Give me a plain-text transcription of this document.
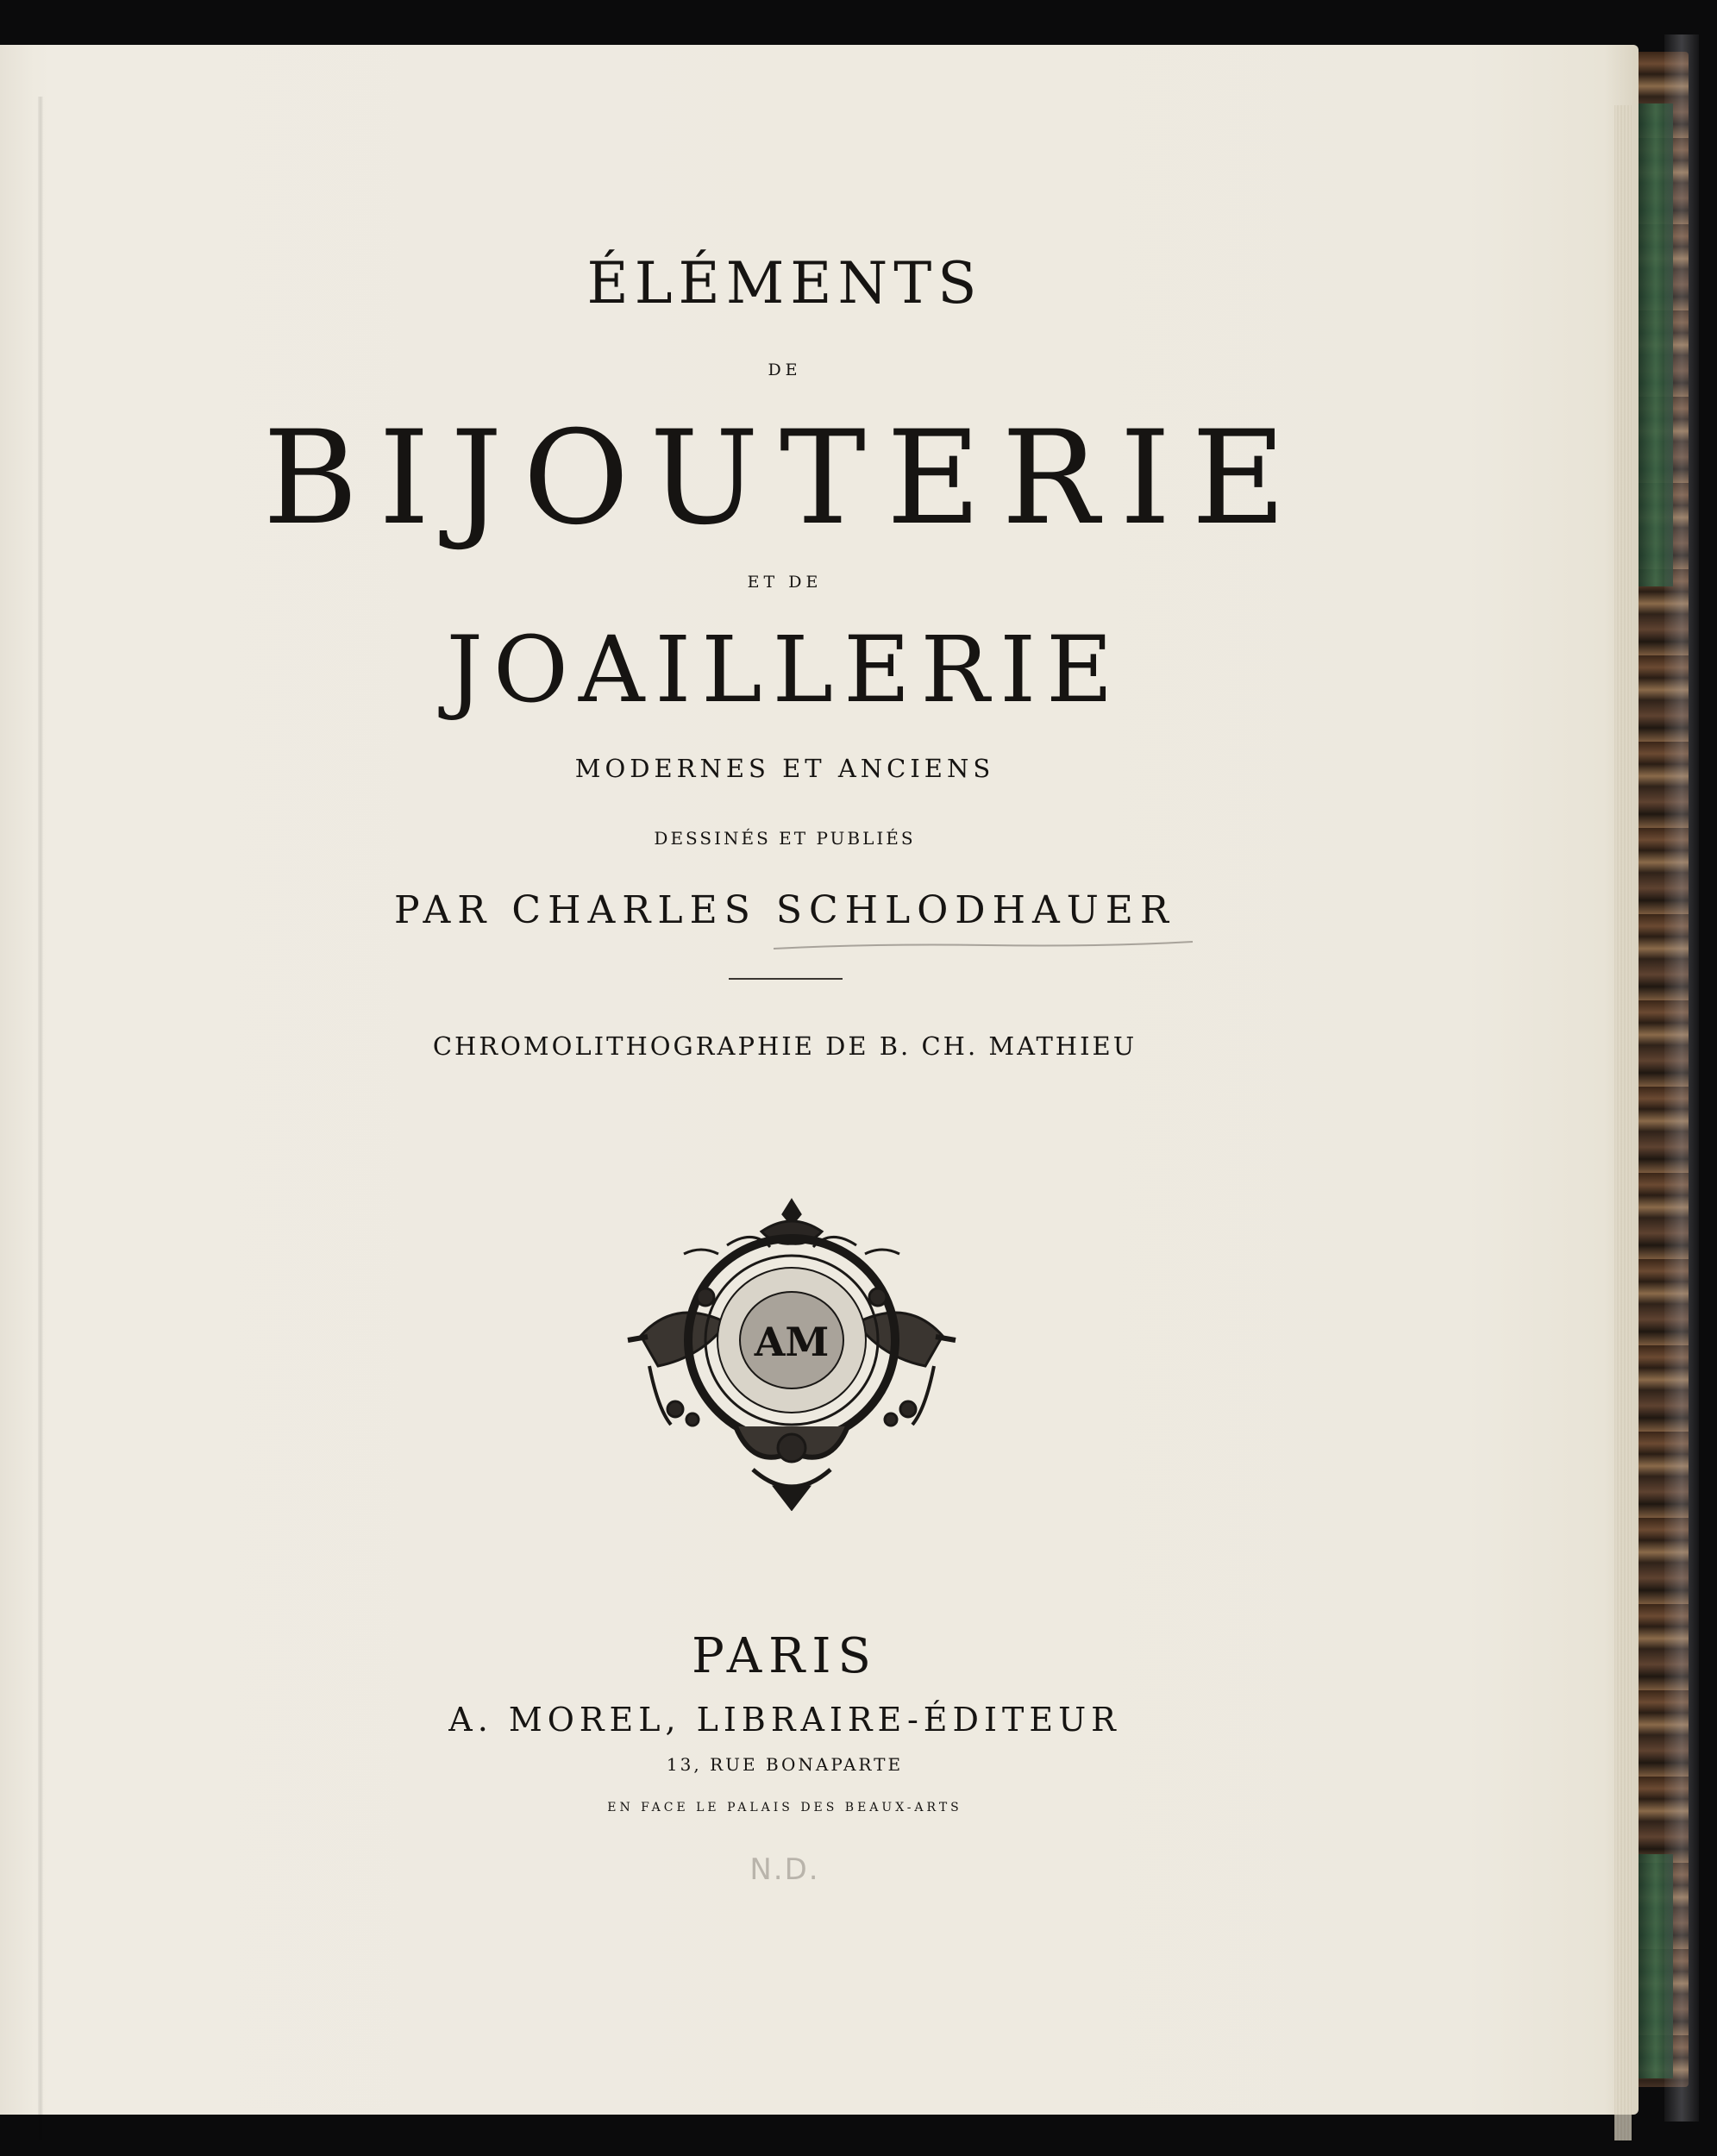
ÉLÉMENTS

DE

BIJOUTERIE

ET DE

JOAILLERIE

MODERNES ET ANCIENS

DESSINÉS ET PUBLIÉS

PAR CHARLES SCHLODHAUER

CHROMOLITHOGRAPHIE DE B. CH. MATHIEU

AM

PARIS

A. MOREL, LIBRAIRE-ÉDITEUR

13, RUE BONAPARTE

EN FACE LE PALAIS DES BEAUX-ARTS

N.D.
